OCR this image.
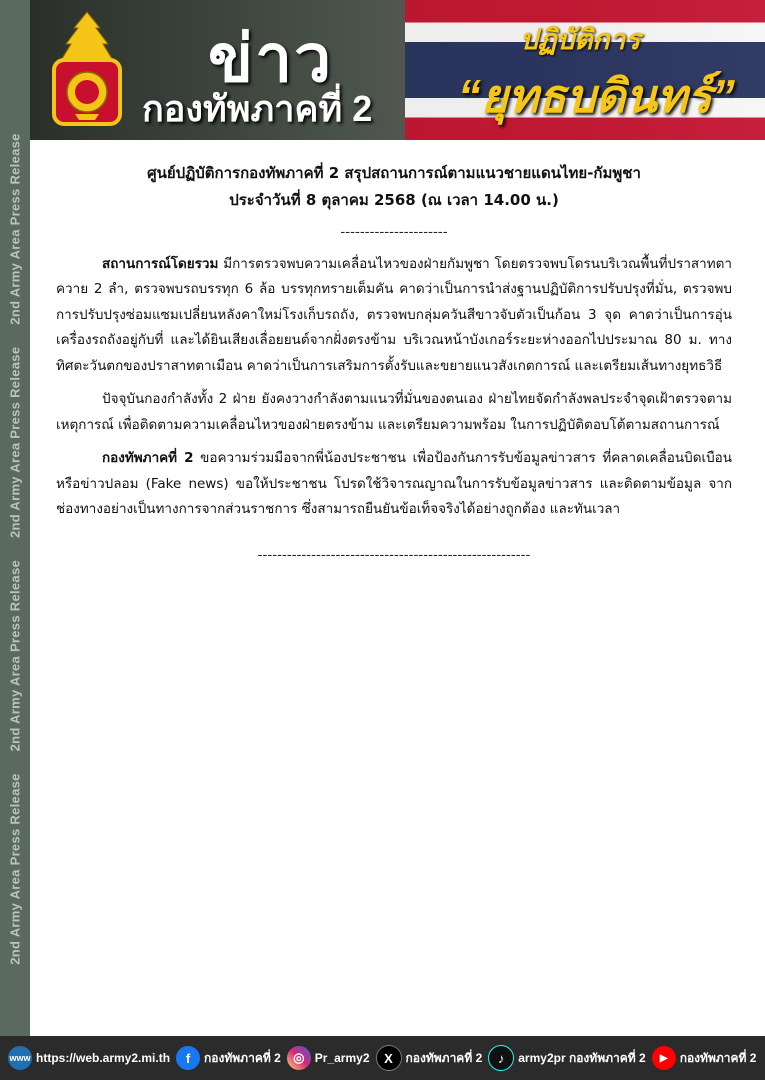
2nd Army Area Press Release 2nd Army Area Press Release 2nd Army Area Press Release 2nd Army Area Press Release
ข่าว
กองทัพภาคที่ 2
ปฏิบัติการ
“ยุทธบดินทร์”

ศูนย์ปฏิบัติการกองทัพภาคที่ 2 สรุปสถานการณ์ตามแนวชายแดนไทย-กัมพูชา

ประจำวันที่ 8 ตุลาคม 2568 (ณ เวลา 14.00 น.)

----------------------

สถานการณ์โดยรวม มีการตรวจพบความเคลื่อนไหวของฝ่ายกัมพูชา โดยตรวจพบโดรนบริเวณพื้นที่ปราสาทตาควาย 2 ลำ, ตรวจพบรถบรรทุก 6 ล้อ บรรทุกทรายเต็มคัน คาดว่าเป็นการนำส่งฐานปฏิบัติการปรับปรุงที่มั่น, ตรวจพบการปรับปรุงซ่อมแซมเปลี่ยนหลังคาใหม่โรงเก็บรถถัง, ตรวจพบกลุ่มควันสีขาวจับตัวเป็นก้อน 3 จุด คาดว่าเป็นการอุ่นเครื่องรถถังอยู่กับที่ และได้ยินเสียงเลื่อยยนต์จากฝั่งตรงข้าม บริเวณหน้าบังเกอร์ระยะห่างออกไปประมาณ 80 ม. ทางทิศตะวันตกของปราสาทตาเมือน คาดว่าเป็นการเสริมการตั้งรับและขยายแนวสังเกตการณ์ และเตรียมเส้นทางยุทธวิธี

ปัจจุบันกองกำลังทั้ง 2 ฝ่าย ยังคงวางกำลังตามแนวที่มั่นของตนเอง ฝ่ายไทยจัดกำลังพลประจำจุดเฝ้าตรวจตามเหตุการณ์ เพื่อติดตามความเคลื่อนไหวของฝ่ายตรงข้าม และเตรียมความพร้อม ในการปฏิบัติตอบโต้ตามสถานการณ์

กองทัพภาคที่ 2 ขอความร่วมมือจากพี่น้องประชาชน เพื่อป้องกันการรับข้อมูลข่าวสาร ที่คลาดเคลื่อนบิดเบือน หรือข่าวปลอม (Fake news) ขอให้ประชาชน โปรดใช้วิจารณญาณในการรับข้อมูลข่าวสาร และติดตามข้อมูล จากช่องทางอย่างเป็นทางการจากส่วนราชการ ซึ่งสามารถยืนยันข้อเท็จจริงได้อย่างถูกต้อง และทันเวลา

--------------------------------------------------------
www https://web.army2.mi.th	f	กองทัพภาคที่ 2 ◎ Pr_army2	X	กองทัพภาคที่ 2	♪	army2pr กองทัพภาคที่ 2	▶	กองทัพภาคที่ 2
